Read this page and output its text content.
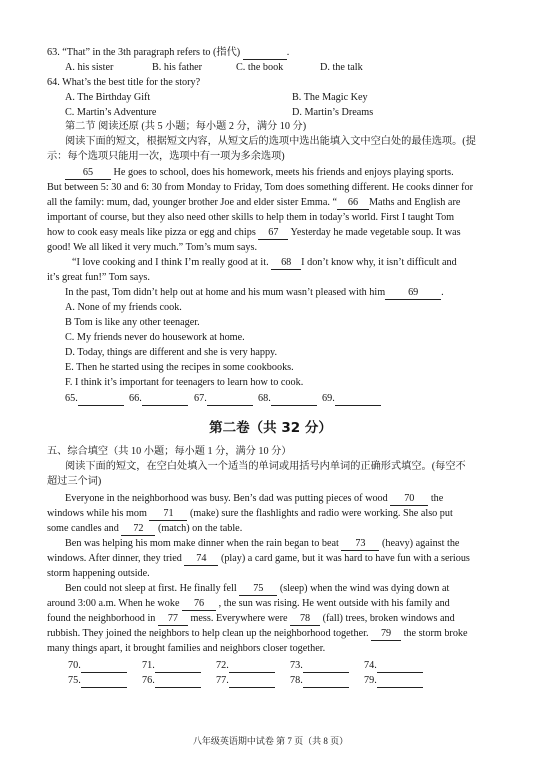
63. “That” in the 3th paragraph refers to (指代)	.
A. his sister	B. his father	C. the book	D. the talk
64. What’s the best title for the story?
A. The Birthday Gift	B. The Magic Key
C. Martin’s Adventure	D. Martin’s Dreams
第二节 阅读还原 (共 5 小题；每小题 2 分，满分 10 分)
阅读下面的短文，根据短文内容，从短文后的选项中选出能填入文中空白处的最佳选项。(提
示：每个选项只能用一次，选项中有一项为多余选项)
65 He goes to school, does his homework, meets his friends and enjoys playing sports.
But between 5: 30 and 6: 30 from Monday to Friday, Tom does something different. He cooks dinner for
all the family: mum, dad, younger brother Joe and elder sister Emma. “ 66 Maths and English are
important of course, but they also need other skills to help them in today’s world. First I taught Tom
how to cook easy meals like pizza or egg and chips 67 Yesterday he made vegetable soup. It was
good! We all liked it very much.” Tom’s mum says.
“I love cooking and I think I’m really good at it. 68 I don’t know why, it isn’t difficult and
it’s great fun!” Tom says.
In the past, Tom didn’t help out at home and his mum wasn’t pleased with him 69 .
A. None of my friends cook.
B Tom is like any other teenager.
C. My friends never do housework at home.
D. Today, things are different and she is very happy.
E. Then he started using the recipes in some cookbooks.
F. I think it’s important for teenagers to learn how to cook.
65.	66.	67.	68.	69.
第二卷（共 32 分）
五、综合填空（共 10 小题；每小题 1 分，满分 10 分）
阅读下面的短文，在空白处填入一个适当的单词或用括号内单词的正确形式填空。(每空不
超过三个词)
Everyone in the neighborhood was busy. Ben’s dad was putting pieces of wood 70 the
windows while his mom 71 (make) sure the flashlights and radio were working. She also put
some candles and 72 (match) on the table.
Ben was helping his mom make dinner when the rain began to beat 73 (heavy) against the
windows. After dinner, they tried 74 (play) a card game, but it was hard to have fun with a serious
storm happening outside.
Ben could not sleep at first. He finally fell 75 (sleep) when the wind was dying down at
around 3:00 a.m. When he woke 76 , the sun was rising. He went outside with his family and
found the neighborhood in 77 mess. Everywhere were 78 (fall) trees, broken windows and
rubbish. They joined the neighbors to help clean up the neighborhood together. 79 the storm broke
many things apart, it brought families and neighbors closer together.
70.	71.	72.	73.	74.
75.	76.	77.	78.	79.
八年级英语期中试卷 第 7 页（共 8 页）
